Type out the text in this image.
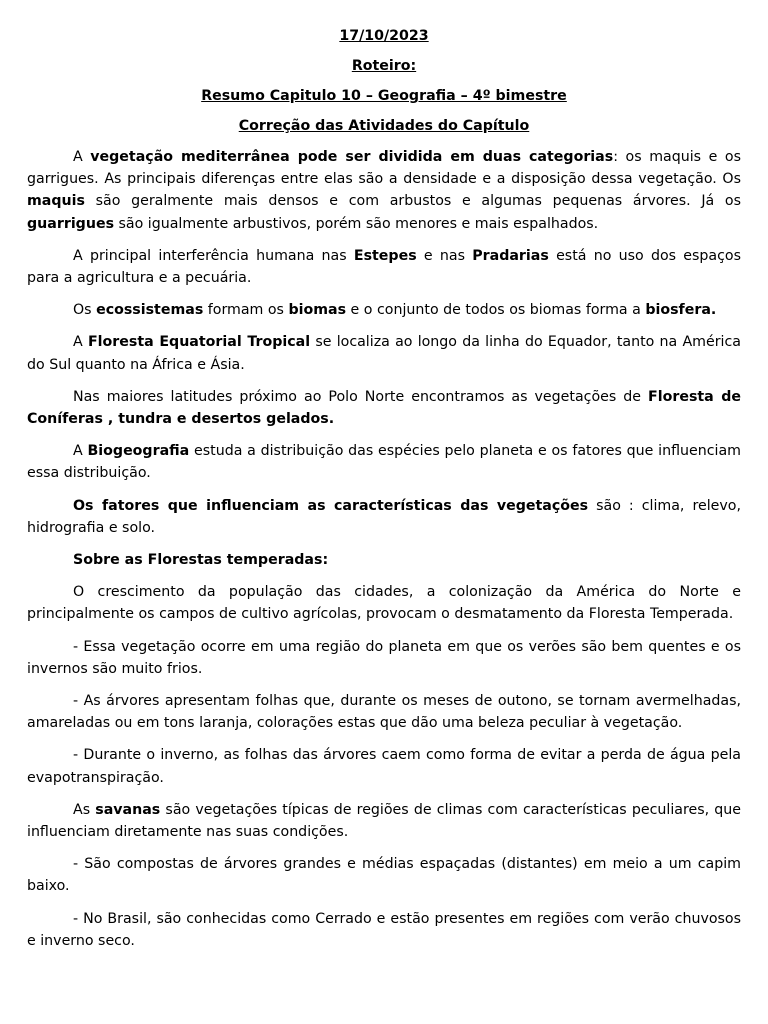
17/10/2023
Roteiro:
Resumo Capitulo 10 – Geografia – 4º bimestre
Correção das Atividades do Capítulo

A vegetação mediterrânea pode ser dividida em duas categorias: os maquis e os garrigues. As principais diferenças entre elas são a densidade e a disposição dessa vegetação. Os maquis são geralmente mais densos e com arbustos e algumas pequenas árvores. Já os guarrigues são igualmente arbustivos, porém são menores e mais espalhados.

A principal interferência humana nas Estepes e nas Pradarias está no uso dos espaços para a agricultura e a pecuária.

Os ecossistemas formam os biomas e o conjunto de todos os biomas forma a biosfera.

A Floresta Equatorial Tropical se localiza ao longo da linha do Equador, tanto na América do Sul quanto na África e Ásia.

Nas maiores latitudes próximo ao Polo Norte encontramos as vegetações de Floresta de Coníferas , tundra e desertos gelados.

A Biogeografia estuda a distribuição das espécies pelo planeta e os fatores que influenciam essa distribuição.

Os fatores que influenciam as características das vegetações são : clima, relevo, hidrografia e solo.

Sobre as Florestas temperadas:

O crescimento da população das cidades, a colonização da América do Norte e principalmente os campos de cultivo agrícolas, provocam o desmatamento da Floresta Temperada.

- Essa vegetação ocorre em uma região do planeta em que os verões são bem quentes e os invernos são muito frios.

- As árvores apresentam folhas que, durante os meses de outono, se tornam avermelhadas, amareladas ou em tons laranja, colorações estas que dão uma beleza peculiar à vegetação.

- Durante o inverno, as folhas das árvores caem como forma de evitar a perda de água pela evapotranspiração.

As savanas são vegetações típicas de regiões de climas com características peculiares, que influenciam diretamente nas suas condições.

- São compostas de árvores grandes e médias espaçadas (distantes) em meio a um capim baixo.

- No Brasil, são conhecidas como Cerrado e estão presentes em regiões com verão chuvosos e inverno seco.
